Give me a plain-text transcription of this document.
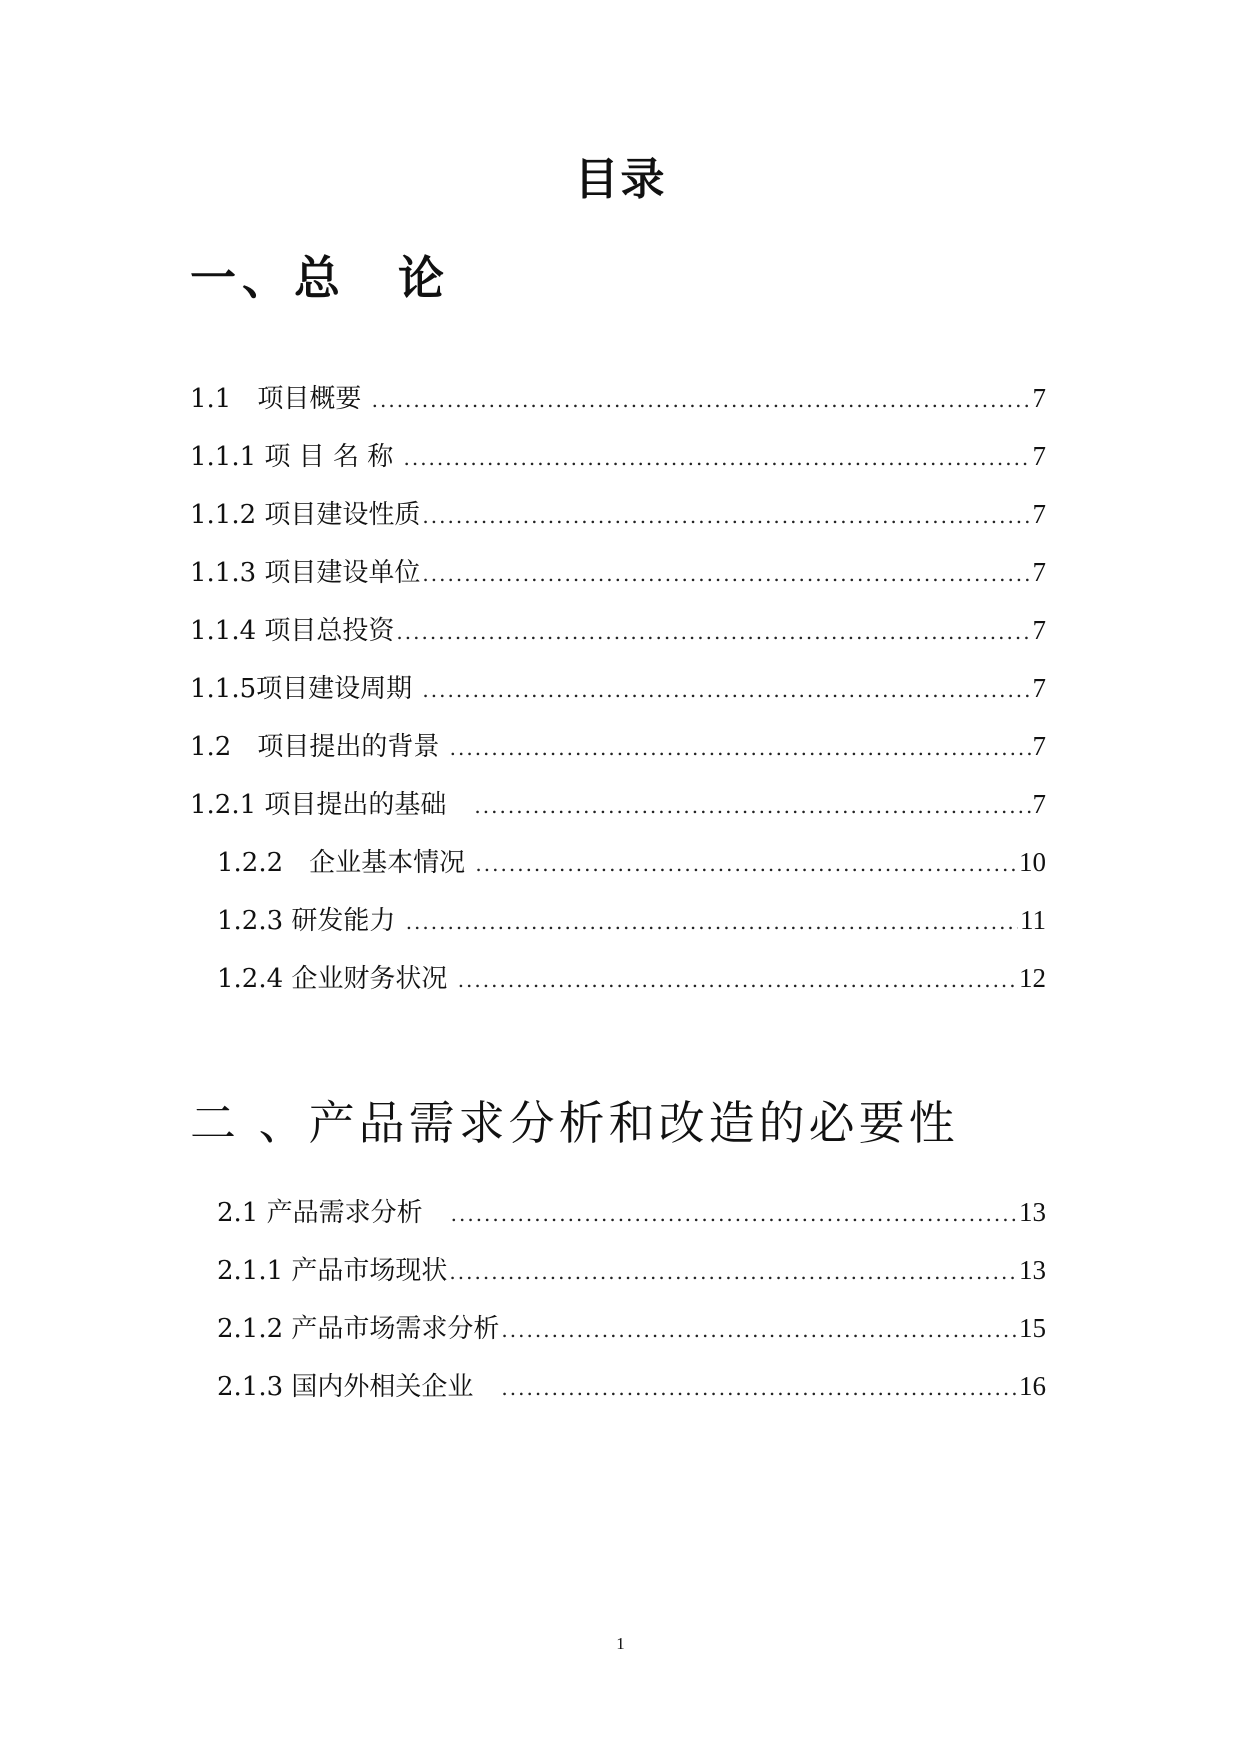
目录
一、总　论
1.1　项目概要 .....	7
1.1.1 项 目 名 称 .....	7
1.1.2 项目建设性质 .....	7
1.1.3 项目建设单位 .....	7
1.1.4 项目总投资 .....	7
1.1.5项目建设周期 .....	7
1.2　项目提出的背景 .....	7
1.2.1 项目提出的基础　 .....	7
1.2.2　企业基本情况 .....	10
1.2.3 研发能力 .....	11
1.2.4 企业财务状况 .....	12
二 、产品需求分析和改造的必要性
2.1 产品需求分析　 .....	13
2.1.1 产品市场现状 .....	13
2.1.2 产品市场需求分析 .....	15
2.1.3 国内外相关企业　 .....	16
1
